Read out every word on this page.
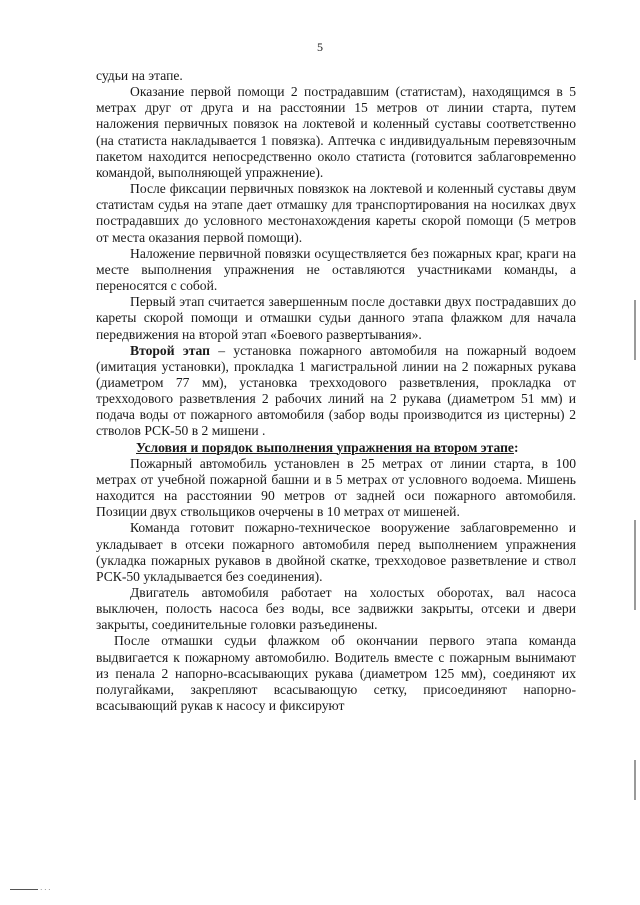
5

судьи на этапе.

Оказание первой помощи 2 пострадавшим (статистам), находящимся в 5 метрах друг от друга и на расстоянии 15 метров от линии старта, путем наложения первичных повязок на локтевой и коленный суставы соответственно (на статиста накладывается 1 повязка). Аптечка с индивидуальным перевязочным пакетом находится непосредственно около статиста (готовится заблаговременно командой, выполняющей упражнение).

После фиксации первичных повязкок на локтевой и коленный суставы двум статистам судья на этапе дает отмашку для транспортирования на носилках двух пострадавших до условного местонахождения кареты скорой помощи (5 метров от места оказания первой помощи).

Наложение первичной повязки осуществляется без пожарных краг, краги на месте выполнения упражнения не оставляются участниками команды, а переносятся с собой.

Первый этап считается завершенным после доставки двух пострадавших до кареты скорой помощи и отмашки судьи данного этапа флажком для начала передвижения на второй этап «Боевого развертывания».

Второй этап – установка пожарного автомобиля на пожарный водоем (имитация установки), прокладка 1 магистральной линии на 2 пожарных рукава (диаметром 77 мм), установка трехходового разветвления, прокладка от трехходового разветвления 2 рабочих линий на 2 рукава (диаметром 51 мм) и подача воды от пожарного автомобиля (забор воды производится из цистерны) 2 стволов РСК-50 в 2 мишени .

Условия и порядок выполнения упражнения на втором этапе:

Пожарный автомобиль установлен в 25 метрах от линии старта, в 100 метрах от учебной пожарной башни и в 5 метрах от условного водоема. Мишень находится на расстоянии 90 метров от задней оси пожарного автомобиля. Позиции двух ствольщиков очерчены в 10 метрах от мишеней.

Команда готовит пожарно-техническое вооружение заблаговременно и укладывает в отсеки пожарного автомобиля перед выполнением упражнения (укладка пожарных рукавов в двойной скатке, трехходовое разветвление и ствол РСК-50 укладывается без соединения).

Двигатель автомобиля работает на холостых оборотах, вал насоса выключен, полость насоса без воды, все задвижки закрыты, отсеки и двери закрыты, соединительные головки разъединены.

После отмашки судьи флажком об окончании первого этапа команда выдвигается к пожарному автомобилю. Водитель вместе с пожарным вынимают из пенала 2 напорно-всасывающих рукава (диаметром 125 мм), соединяют их полугайками, закрепляют всасывающую сетку, присоединяют напорно-всасывающий рукав к насосу и фиксируют

· · ·
